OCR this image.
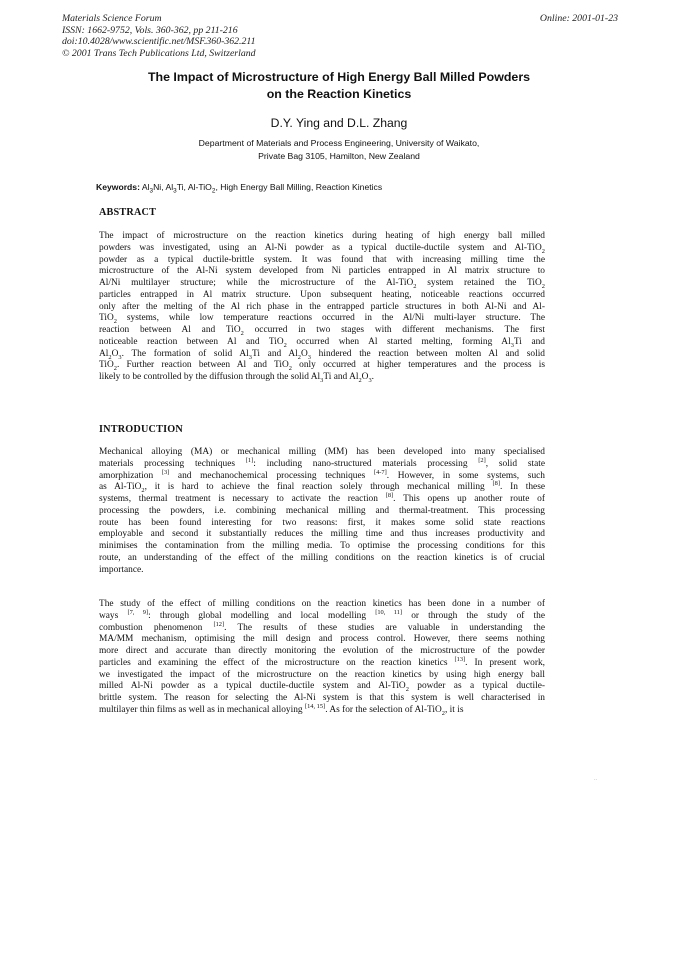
Materials Science Forum
ISSN: 1662-9752, Vols. 360-362, pp 211-216
doi:10.4028/www.scientific.net/MSF.360-362.211
© 2001 Trans Tech Publications Ltd, Switzerland
Online: 2001-01-23
The Impact of Microstructure of High Energy Ball Milled Powders
on the Reaction Kinetics
D.Y. Ying and D.L. Zhang
Department of Materials and Process Engineering, University of Waikato,
Private Bag 3105, Hamilton, New Zealand
Keywords: $Al_3Ni$, $Al_3Ti$, Al-TiO$_2$, High Energy Ball Milling, Reaction Kinetics
ABSTRACT
The impact of microstructure on the reaction kinetics during heating of high energy ball milled
powders was investigated, using an Al-Ni powder as a typical ductile-ductile system and Al-TiO$_2$
powder as a typical ductile-brittle system. It was found that with increasing milling time the
microstructure of the Al-Ni system developed from Ni particles entrapped in Al matrix structure to
Al/Ni multilayer structure; while the microstructure of the Al-TiO$_2$ system retained the TiO$_2$
particles entrapped in Al matrix structure. Upon subsequent heating, noticeable reactions occurred
only after the melting of the Al rich phase in the entrapped particle structures in both Al-Ni and Al-
TiO$_2$ systems, while low temperature reactions occurred in the Al/Ni multi-layer structure. The
reaction between Al and TiO$_2$ occurred in two stages with different mechanisms. The first
noticeable reaction between Al and TiO$_2$ occurred when Al started melting, forming $Al_3Ti$ and
$Al_2O_3$. The formation of solid $Al_3Ti$ and $Al_2O_3$ hindered the reaction between molten Al and solid
TiO$_2$. Further reaction between Al and TiO$_2$ only occurred at higher temperatures and the process is
likely to be controlled by the diffusion through the solid $Al_3Ti$ and $Al_2O_3$.
INTRODUCTION
Mechanical alloying (MA) or mechanical milling (MM) has been developed into many specialised
materials processing techniques [1]: including nano-structured materials processing [2], solid state
amorphization [3] and mechanochemical processing techniques [4-7]. However, in some systems, such
as Al-TiO$_2$, it is hard to achieve the final reaction solely through mechanical milling [8]. In these
systems, thermal treatment is necessary to activate the reaction [8]. This opens up another route of
processing the powders, i.e. combining mechanical milling and thermal-treatment. This processing
route has been found interesting for two reasons: first, it makes some solid state reactions
employable and second it substantially reduces the milling time and thus increases productivity and
minimises the contamination from the milling media. To optimise the processing conditions for this
route, an understanding of the effect of the milling conditions on the reaction kinetics is of crucial
importance.
The study of the effect of milling conditions on the reaction kinetics has been done in a number of
ways [7, 9]: through global modelling and local modelling [10, 11] or through the study of the
combustion phenomenon [12]. The results of these studies are valuable in understanding the
MA/MM mechanism, optimising the mill design and process control. However, there seems nothing
more direct and accurate than directly monitoring the evolution of the microstructure of the powder
particles and examining the effect of the microstructure on the reaction kinetics [13]. In present work,
we investigated the impact of the microstructure on the reaction kinetics by using high energy ball
milled Al-Ni powder as a typical ductile-ductile system and Al-TiO$_2$ powder as a typical ductile-
brittle system. The reason for selecting the Al-Ni system is that this system is well characterised in
multilayer thin films as well as in mechanical alloying [14, 15]. As for the selection of Al-TiO$_2$, it is
..
